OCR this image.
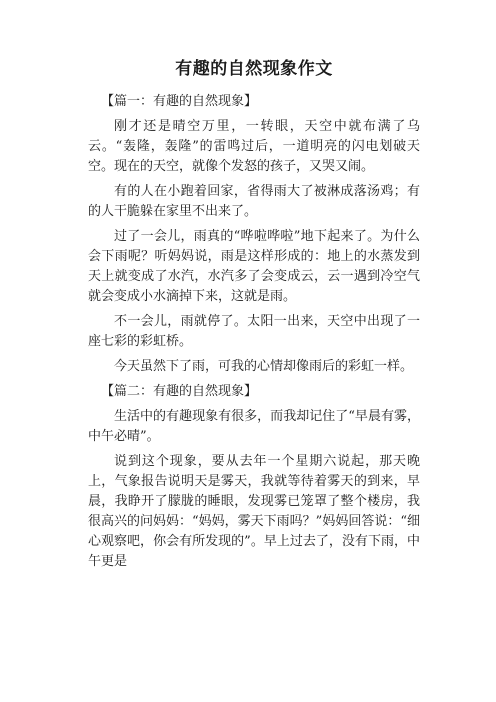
有趣的自然现象作文

【篇一：有趣的自然现象】

刚才还是晴空万里，一转眼，天空中就布满了乌云。“轰隆，轰隆”的雷鸣过后，一道明亮的闪电划破天空。现在的天空，就像个发怒的孩子，又哭又闹。

有的人在小跑着回家，省得雨大了被淋成落汤鸡；有的人干脆躲在家里不出来了。

过了一会儿，雨真的“哗啦哗啦”地下起来了。为什么会下雨呢？听妈妈说，雨是这样形成的：地上的水蒸发到天上就变成了水汽，水汽多了会变成云，云一遇到冷空气就会变成小水滴掉下来，这就是雨。

不一会儿，雨就停了。太阳一出来，天空中出现了一座七彩的彩虹桥。

今天虽然下了雨，可我的心情却像雨后的彩虹一样。

【篇二：有趣的自然现象】

生活中的有趣现象有很多，而我却记住了“早晨有雾，中午必晴”。

说到这个现象，要从去年一个星期六说起，那天晚上，气象报告说明天是雾天，我就等待着雾天的到来，早晨，我睁开了朦胧的睡眼，发现雾已笼罩了整个楼房，我很高兴的问妈妈：“妈妈，雾天下雨吗？”妈妈回答说：“细心观察吧，你会有所发现的”。早上过去了，没有下雨，中午更是
